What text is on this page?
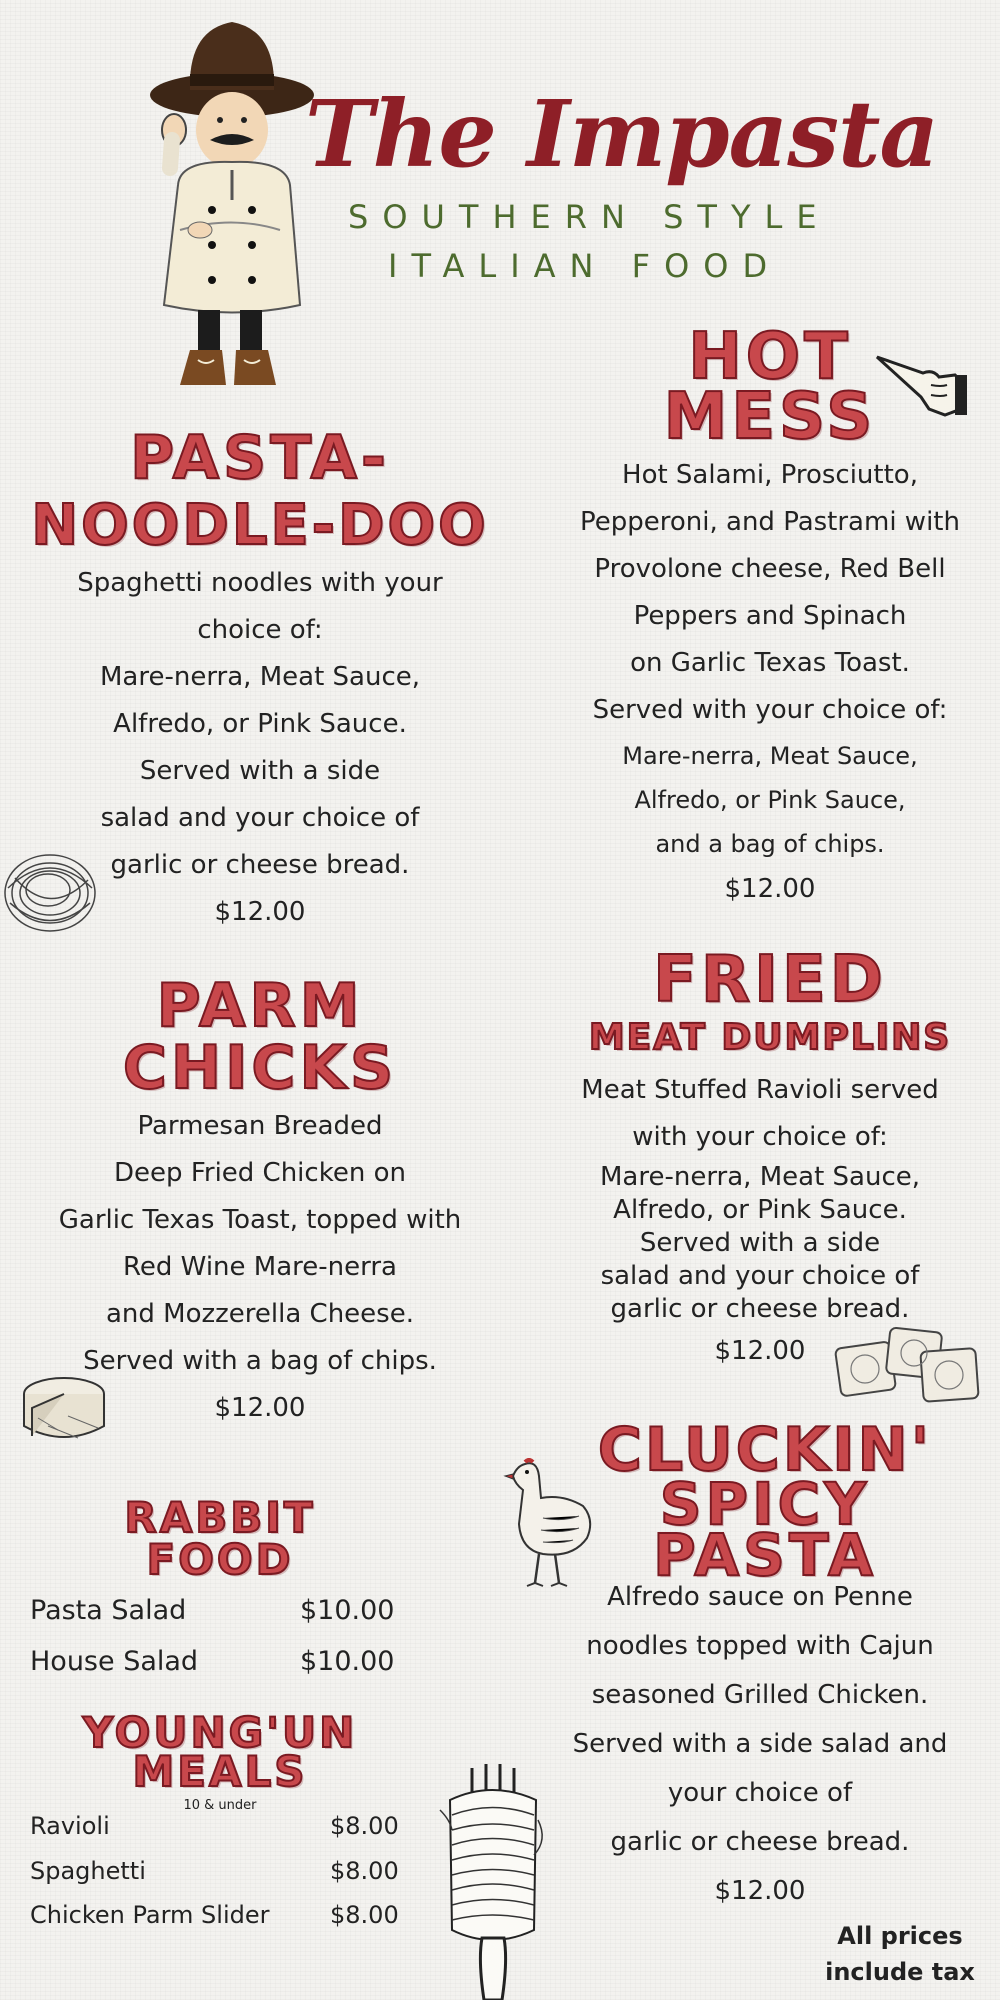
The Impasta
SOUTHERN STYLE
ITALIAN FOOD
HOT
MESS
Hot Salami, Prosciutto,
Pepperoni, and Pastrami with
Provolone cheese, Red Bell
Peppers and Spinach
on Garlic Texas Toast.
Served with your choice of:
Mare-nerra, Meat Sauce,
Alfredo, or Pink Sauce,
and a bag of chips.
$12.00
PASTA-
NOODLE-DOO
Spaghetti noodles with your
choice of:
Mare-nerra, Meat Sauce,
Alfredo, or Pink Sauce.
Served with a side
salad and your choice of
garlic or cheese bread.
$12.00
FRIED
MEAT DUMPLINS
Meat Stuffed Ravioli served
with your choice of:
Mare-nerra, Meat Sauce,
Alfredo, or Pink Sauce.
Served with a side
salad and your choice of
garlic or cheese bread.
$12.00
PARM
CHICKS
Parmesan Breaded
Deep Fried Chicken on
Garlic Texas Toast, topped with
Red Wine Mare-nerra
and Mozzerella Cheese.
Served with a bag of chips.
$12.00
CLUCKIN'
SPICY
PASTA
Alfredo sauce on Penne
noodles topped with Cajun
seasoned Grilled Chicken.
Served with a side salad and
your choice of
garlic or cheese bread.
$12.00
RABBIT
FOOD
Pasta Salad	$10.00
House Salad	$10.00
YOUNG'UN
MEALS
10 & under
Ravioli	$8.00
Spaghetti	$8.00
Chicken Parm Slider	$8.00
All prices
include tax
